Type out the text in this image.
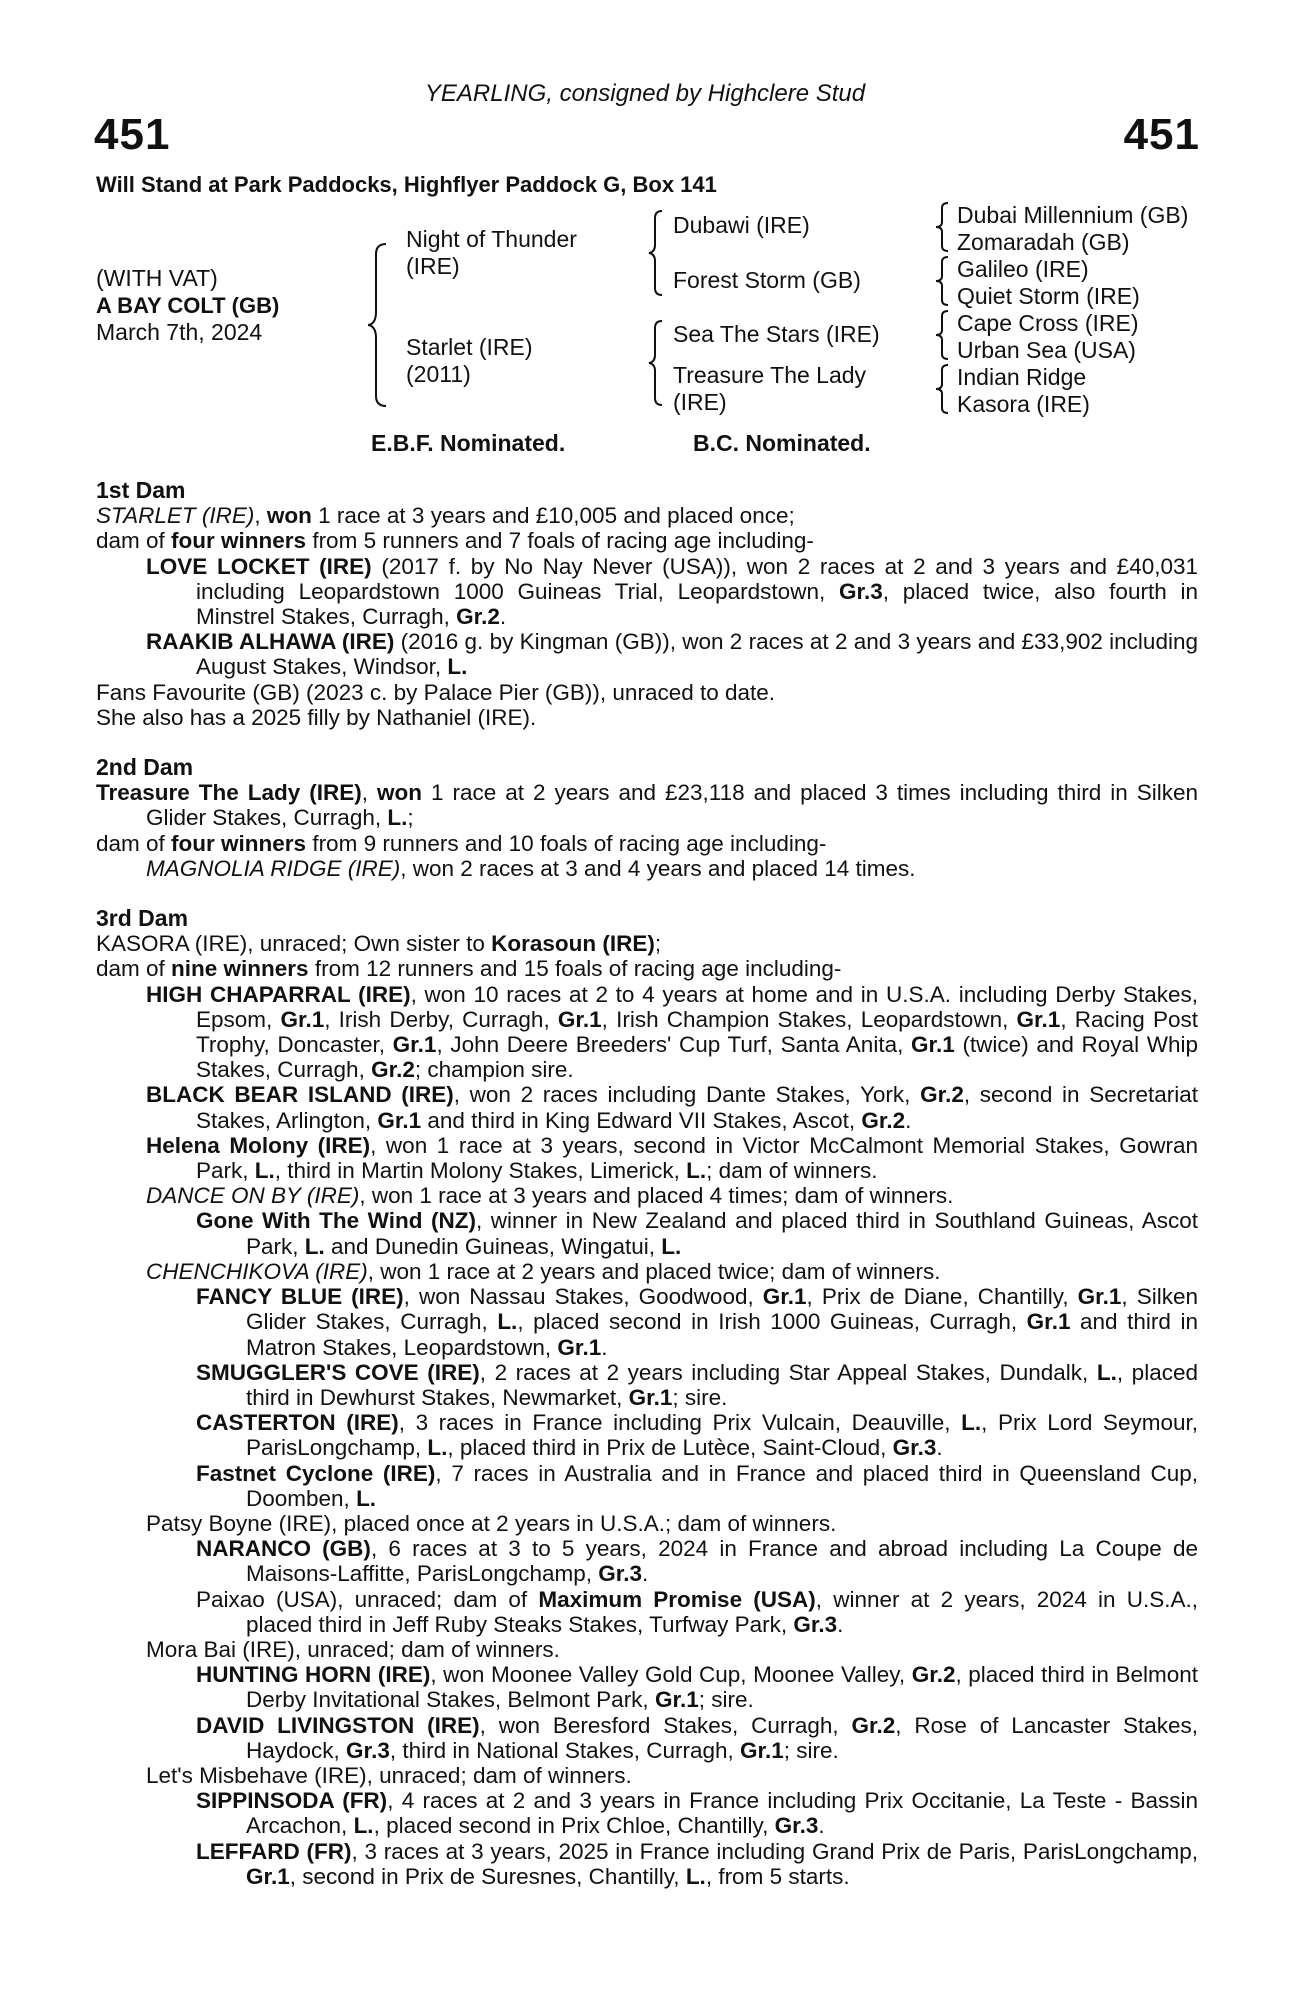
YEARLING, consigned by Highclere Stud
451	451
Will Stand at Park Paddocks, Highflyer Paddock G, Box 141
(WITH VAT)
A BAY COLT (GB)
March 7th, 2024
Night of Thunder
(IRE)
Starlet (IRE)
(2011)
Dubawi (IRE)
Forest Storm (GB)
Sea The Stars (IRE)
Treasure The Lady
(IRE)
Dubai Millennium (GB)
Zomaradah (GB)
Galileo (IRE)
Quiet Storm (IRE)
Cape Cross (IRE)
Urban Sea (USA)
Indian Ridge
Kasora (IRE)
E.B.F. Nominated.	B.C. Nominated.
1st Dam
STARLET (IRE), won 1 race at 3 years and £10,005 and placed once;
dam of four winners from 5 runners and 7 foals of racing age including-
LOVE LOCKET (IRE) (2017 f. by No Nay Never (USA)), won 2 races at 2 and 3 years and £40,031 including Leopardstown 1000 Guineas Trial, Leopardstown, Gr.3, placed twice, also fourth in Minstrel Stakes, Curragh, Gr.2.
RAAKIB ALHAWA (IRE) (2016 g. by Kingman (GB)), won 2 races at 2 and 3 years and £33,902 including August Stakes, Windsor, L.
Fans Favourite (GB) (2023 c. by Palace Pier (GB)), unraced to date.
She also has a 2025 filly by Nathaniel (IRE).
2nd Dam
Treasure The Lady (IRE), won 1 race at 2 years and £23,118 and placed 3 times including third in Silken Glider Stakes, Curragh, L.;
dam of four winners from 9 runners and 10 foals of racing age including-
MAGNOLIA RIDGE (IRE), won 2 races at 3 and 4 years and placed 14 times.
3rd Dam
KASORA (IRE), unraced; Own sister to Korasoun (IRE);
dam of nine winners from 12 runners and 15 foals of racing age including-
HIGH CHAPARRAL (IRE), won 10 races at 2 to 4 years at home and in U.S.A. including Derby Stakes, Epsom, Gr.1, Irish Derby, Curragh, Gr.1, Irish Champion Stakes, Leopardstown, Gr.1, Racing Post Trophy, Doncaster, Gr.1, John Deere Breeders' Cup Turf, Santa Anita, Gr.1 (twice) and Royal Whip Stakes, Curragh, Gr.2; champion sire.
BLACK BEAR ISLAND (IRE), won 2 races including Dante Stakes, York, Gr.2, second in Secretariat Stakes, Arlington, Gr.1 and third in King Edward VII Stakes, Ascot, Gr.2.
Helena Molony (IRE), won 1 race at 3 years, second in Victor McCalmont Memorial Stakes, Gowran Park, L., third in Martin Molony Stakes, Limerick, L.; dam of winners.
DANCE ON BY (IRE), won 1 race at 3 years and placed 4 times; dam of winners.
Gone With The Wind (NZ), winner in New Zealand and placed third in Southland Guineas, Ascot Park, L. and Dunedin Guineas, Wingatui, L.
CHENCHIKOVA (IRE), won 1 race at 2 years and placed twice; dam of winners.
FANCY BLUE (IRE), won Nassau Stakes, Goodwood, Gr.1, Prix de Diane, Chantilly, Gr.1, Silken Glider Stakes, Curragh, L., placed second in Irish 1000 Guineas, Curragh, Gr.1 and third in Matron Stakes, Leopardstown, Gr.1.
SMUGGLER'S COVE (IRE), 2 races at 2 years including Star Appeal Stakes, Dundalk, L., placed third in Dewhurst Stakes, Newmarket, Gr.1; sire.
CASTERTON (IRE), 3 races in France including Prix Vulcain, Deauville, L., Prix Lord Seymour, ParisLongchamp, L., placed third in Prix de Lutèce, Saint-Cloud, Gr.3.
Fastnet Cyclone (IRE), 7 races in Australia and in France and placed third in Queensland Cup, Doomben, L.
Patsy Boyne (IRE), placed once at 2 years in U.S.A.; dam of winners.
NARANCO (GB), 6 races at 3 to 5 years, 2024 in France and abroad including La Coupe de Maisons-Laffitte, ParisLongchamp, Gr.3.
Paixao (USA), unraced; dam of Maximum Promise (USA), winner at 2 years, 2024 in U.S.A., placed third in Jeff Ruby Steaks Stakes, Turfway Park, Gr.3.
Mora Bai (IRE), unraced; dam of winners.
HUNTING HORN (IRE), won Moonee Valley Gold Cup, Moonee Valley, Gr.2, placed third in Belmont Derby Invitational Stakes, Belmont Park, Gr.1; sire.
DAVID LIVINGSTON (IRE), won Beresford Stakes, Curragh, Gr.2, Rose of Lancaster Stakes, Haydock, Gr.3, third in National Stakes, Curragh, Gr.1; sire.
Let's Misbehave (IRE), unraced; dam of winners.
SIPPINSODA (FR), 4 races at 2 and 3 years in France including Prix Occitanie, La Teste - Bassin Arcachon, L., placed second in Prix Chloe, Chantilly, Gr.3.
LEFFARD (FR), 3 races at 3 years, 2025 in France including Grand Prix de Paris, ParisLongchamp, Gr.1, second in Prix de Suresnes, Chantilly, L., from 5 starts.
